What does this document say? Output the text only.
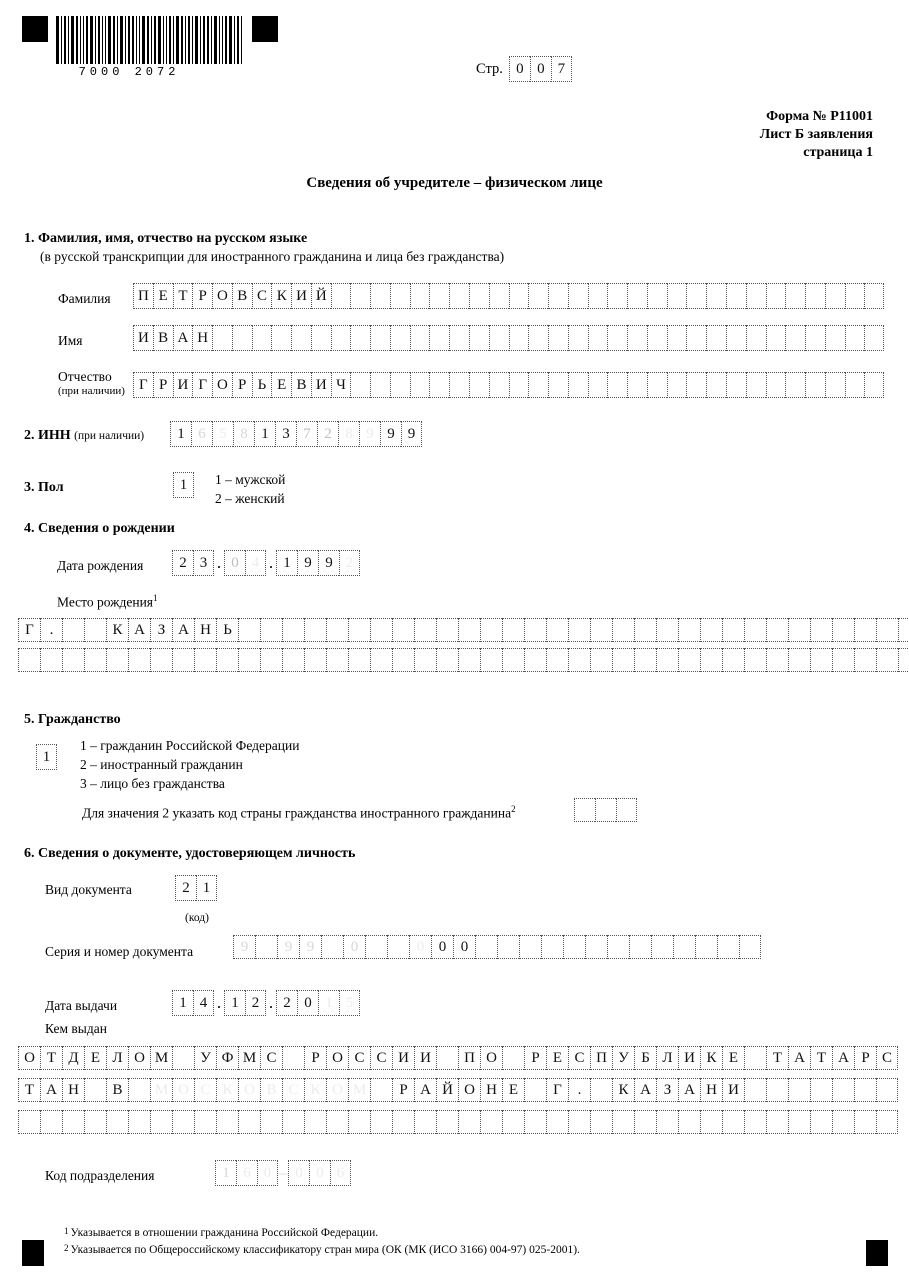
7000 2072	Стр. 0 0 7
Форма № Р11001
Лист Б заявления
страница 1
Сведения об учредителе – физическом лице
1. Фамилия, имя, отчество на русском языке
(в русской транскрипции для иностранного гражданина и лица без гражданства)
Фамилия	П Е Т Р О В С К И Й
Имя	И В А Н
Отчество
(при наличии) Г Р И Г О Р Ь Е В И Ч
2. ИНН (при наличии)	1 6 5 8 1 3 7 2 8 9 9 9
3. Пол	1	1 – мужской
2 – женский
4. Сведения о рождении
Дата рождения	2 3 . 0 4 . 1 9 9 2
Место рождения$^1$
Г	.	К А З А Н Ь
5. Гражданство
1
1 – гражданин Российской Федерации
2 – иностранный гражданин
3 – лицо без гражданства
Для значения 2 указать код страны гражданства иностранного гражданина$^2$
6. Сведения о документе, удостоверяющем личность
Вид документа	2 1
(код)
Серия и номер документа	9	9 9	0	0 0 0
Дата выдачи	1 4 . 1 2 . 2 0 1 5
Кем выдан
О Т Д Е Л О М	У Ф М С	Р О С С И И	П О	Р Е С П У Б Л И К Е	Т А Т А Р С
Т А Н	В	М О С К О В С К О М	Р А Й О Н Е	Г	.	К А З А Н И
Код подразделения	1 6 0 – 0 0 6
1 Указывается в отношении гражданина Российской Федерации.
2 Указывается по Общероссийскому классификатору стран мира (ОК (МК (ИСО 3166) 004-97) 025-2001).
